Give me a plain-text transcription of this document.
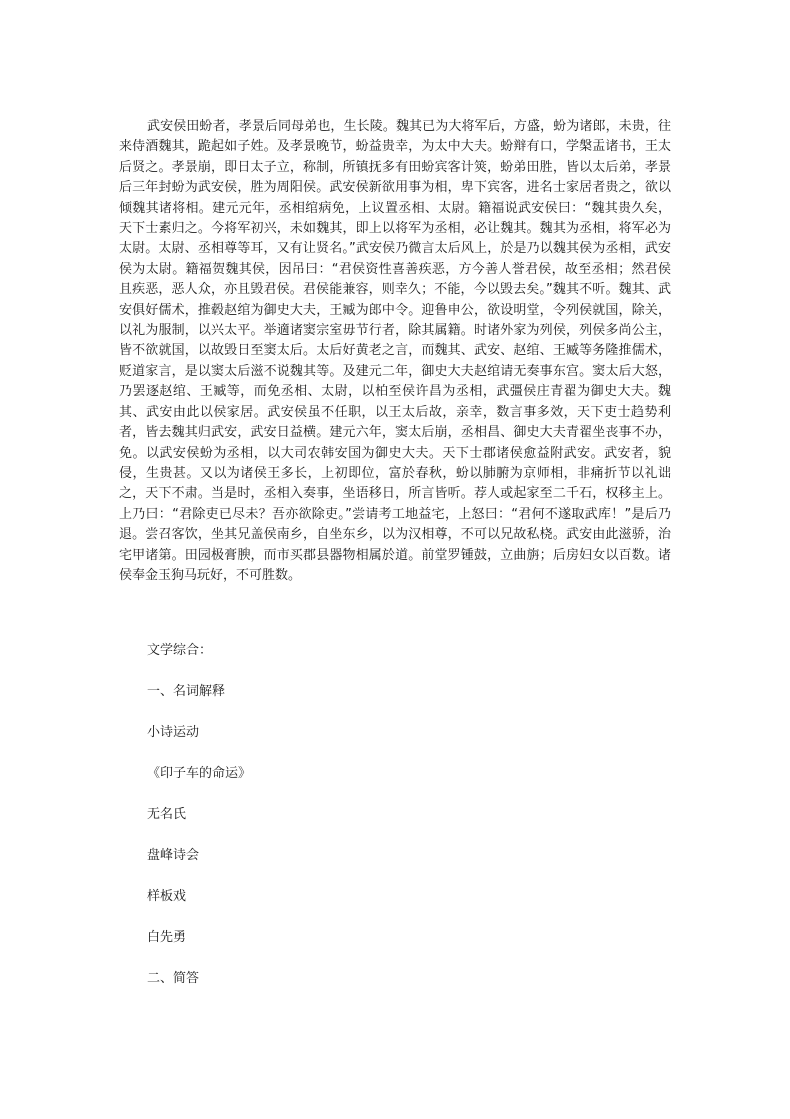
武安侯田蚡者，孝景后同母弟也，生长陵。魏其已为大将军后，方盛，蚡为诸郎，未贵，往来侍酒魏其，跪起如子姓。及孝景晚节，蚡益贵幸，为太中大夫。蚡辩有口，学槃盂诸书，王太后贤之。孝景崩，即日太子立，称制，所镇抚多有田蚡宾客计筴，蚡弟田胜，皆以太后弟，孝景后三年封蚡为武安侯，胜为周阳侯。武安侯新欲用事为相，卑下宾客，进名士家居者贵之，欲以倾魏其诸将相。建元元年，丞相绾病免，上议置丞相、太尉。籍福说武安侯曰：“魏其贵久矣，天下士素归之。今将军初兴，未如魏其，即上以将军为丞相，必让魏其。魏其为丞相，将军必为太尉。太尉、丞相尊等耳，又有让贤名。”武安侯乃微言太后风上，於是乃以魏其侯为丞相，武安侯为太尉。籍福贺魏其侯，因吊曰：“君侯资性喜善疾恶，方今善人誉君侯，故至丞相；然君侯且疾恶，恶人众，亦且毁君侯。君侯能兼容，则幸久；不能，今以毁去矣。”魏其不听。魏其、武安俱好儒术，推毂赵绾为御史大夫，王臧为郎中令。迎鲁申公，欲设明堂，令列侯就国，除关，以礼为服制，以兴太平。举適诸窦宗室毋节行者，除其属籍。时诸外家为列侯，列侯多尚公主，皆不欲就国，以故毁日至窦太后。太后好黄老之言，而魏其、武安、赵绾、王臧等务隆推儒术，贬道家言，是以窦太后滋不说魏其等。及建元二年，御史大夫赵绾请无奏事东宫。窦太后大怒，乃罢逐赵绾、王臧等，而免丞相、太尉，以柏至侯许昌为丞相，武彊侯庄青翟为御史大夫。魏其、武安由此以侯家居。武安侯虽不任职，以王太后故，亲幸，数言事多效，天下吏士趋势利者，皆去魏其归武安，武安日益横。建元六年，窦太后崩，丞相昌、御史大夫青翟坐丧事不办，免。以武安侯蚡为丞相，以大司农韩安国为御史大夫。天下士郡诸侯愈益附武安。武安者，貌侵，生贵甚。又以为诸侯王多长，上初即位，富於春秋，蚡以肺腑为京师相，非痛折节以礼诎之，天下不肃。当是时，丞相入奏事，坐语移日，所言皆听。荐人或起家至二千石，权移主上。上乃曰：“君除吏已尽未？吾亦欲除吏。”尝请考工地益宅，上怒曰：“君何不遂取武库！”是后乃退。尝召客饮，坐其兄盖侯南乡，自坐东乡，以为汉相尊，不可以兄故私桡。武安由此滋骄，治宅甲诸第。田园极膏腴，而市买郡县器物相属於道。前堂罗锺鼓，立曲旃；后房妇女以百数。诸侯奉金玉狗马玩好，不可胜数。

文学综合：

一、名词解释

小诗运动

《印子车的命运》

无名氏

盘峰诗会

样板戏

白先勇

二、简答
